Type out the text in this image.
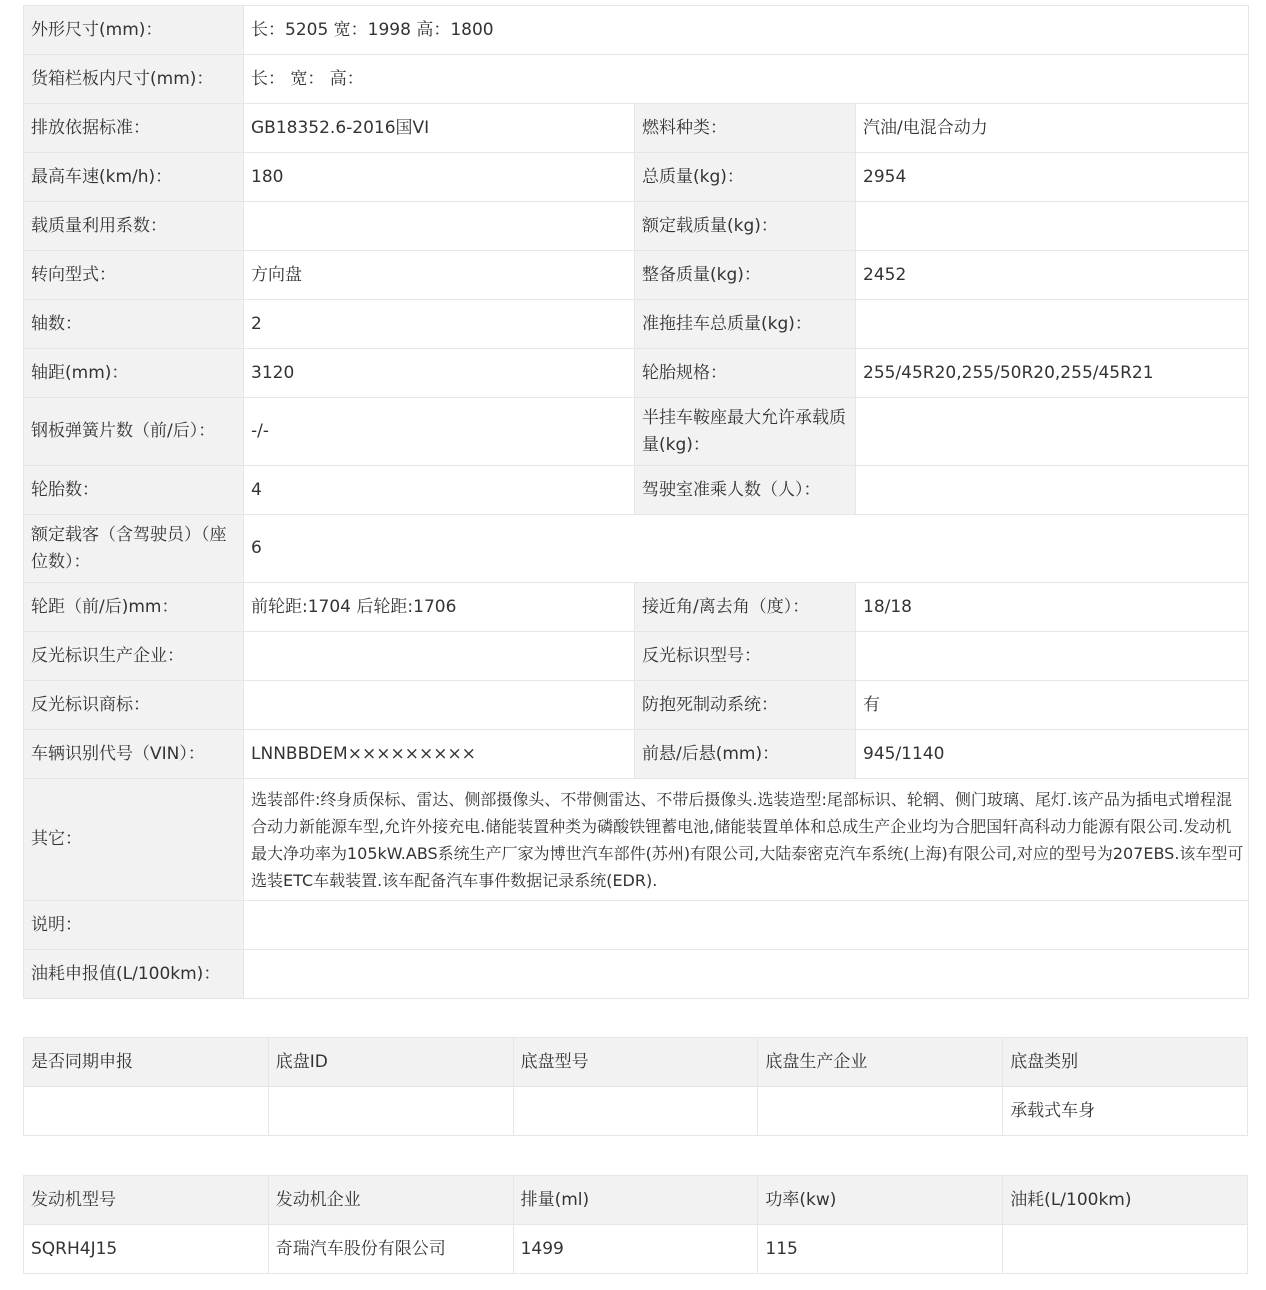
外形尺寸(mm)：	长：5205 宽：1998 高：1800		
货箱栏板内尺寸(mm)：	长： 宽： 高：		
排放依据标准：	GB18352.6-2016国VI	燃料种类：	汽油/电混合动力
最高车速(km/h)：	180	总质量(kg)：	2954
载质量利用系数：		额定载质量(kg)：	
转向型式：	方向盘	整备质量(kg)：	2452
轴数：	2	准拖挂车总质量(kg)：	
轴距(mm)：	3120	轮胎规格：	255/45R20,255/50R20,255/45R21
钢板弹簧片数（前/后）：	-/-	半挂车鞍座最大允许承载质量(kg)：	
轮胎数：	4	驾驶室准乘人数（人）：	
额定载客（含驾驶员）（座位数）：	6		
轮距（前/后)mm：	前轮距:1704 后轮距:1706	接近角/离去角（度）：	18/18
反光标识生产企业：		反光标识型号：	
反光标识商标：		防抱死制动系统：	有
车辆识别代号（VIN）：	LNNBBDEM×××××××××	前悬/后悬(mm)：	945/1140
其它：	选装部件:终身质保标、雷达、侧部摄像头、不带侧雷达、不带后摄像头.选装造型:尾部标识、轮辋、侧门玻璃、尾灯.该产品为插电式增程混合动力新能源车型,允许外接充电.储能装置种类为磷酸铁锂蓄电池,储能装置单体和总成生产企业均为合肥国轩高科动力能源有限公司.发动机最大净功率为105kW.ABS系统生产厂家为博世汽车部件(苏州)有限公司,大陆泰密克汽车系统(上海)有限公司,对应的型号为207EBS.该车型可选装ETC车载装置.该车配备汽车事件数据记录系统(EDR).		
说明：			
油耗申报值(L/100km)：			
是否同期申报	底盘ID	底盘型号	底盘生产企业	底盘类别
				承载式车身
发动机型号	发动机企业	排量(ml)	功率(kw)	油耗(L/100km)
SQRH4J15	奇瑞汽车股份有限公司	1499	115	
